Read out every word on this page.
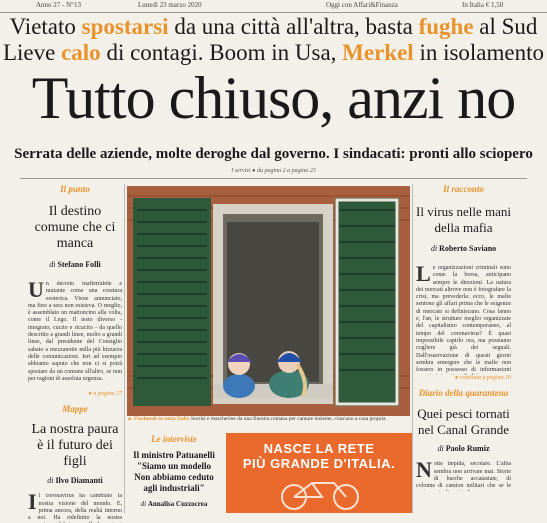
Anno 27 - N°13	Lunedì 23 marzo 2020	Oggi con Affari&Finanza	In Italia € 1,50
Vietato spostarsi da una città all'altra, basta fughe al Sud
Lieve calo di contagi. Boom in Usa, Merkel in isolamento
Tutto chiuso, anzi no
Serrata delle aziende, molte deroghe dal governo. I sindacati: pronti allo sciopero
I servizi ● da pagina 2 a pagina 23
Il punto
Il destino comune che ci manca
di Stefano Folli
Un decreto inafferrabile e mutante come una creatura esoterica. Viene annunciato, ma fino a sera non esisteva. O meglio, è assemblato un mattoncino alla volta, come il Lego. Il testo diverso - integrato, cucito e ricucito - da quello descritto a grandi linee, molto a grandi linee, dal presidente del Consiglio sabato a mezzanotte nella più bizzarra delle comunicazioni. Ieri ad esempio abbiamo saputo che non ci si potrà spostare da un comune all'altro, se non per ragioni di assoluta urgenza.
● a pagina 27
Mappe
La nostra paura è il futuro dei figli
di Ilvo Diamanti
Il coronavirus ha cambiato la nostra visione del mondo. E, prima ancora, della realtà intorno a noi. Ha ridefinito la nostra
Il racconto
Il virus nelle mani della mafia
di Roberto Saviano
Le organizzazioni criminali sono come la borsa, anticipano sempre le direzioni. La natura dei mercati altrove non è fotografare la crisi, ma prevederla: ecco, le mafie sentono gli affari prima che le esigenze di mercato si definiscano. Cosa fanno e, l'an, le strutture meglio organizzate del capitalismo contemporaneo, al tempo del coronavirus? È quasi impossibile capirlo ora, ma possiamo cogliere già dei segnali. Dall'osservazione di questi giorni sembra emergere che le mafie non fossero in possesso di informazioni
● continua a pagina 20
Diario della quarantena
Quei pesci tornati nel Canal Grande
di Paolo Rumiz
Notte tiepida, secolare. L'alba sembra non arrivare mai. Storie di barche accatastate, di colonne di camion militari che se le
▲ Flashmob in tutta Italia Sorrisi e mascherine da una finestra romana per cantare insieme, ciascuno a casa propria
Le interviste
Il ministro Patuanelli "Siamo un modello Non abbiamo ceduto agli industriali"
di Annalisa Cuzzocrea
NASCE LA RETE
PIÙ GRANDE D'ITALIA.
